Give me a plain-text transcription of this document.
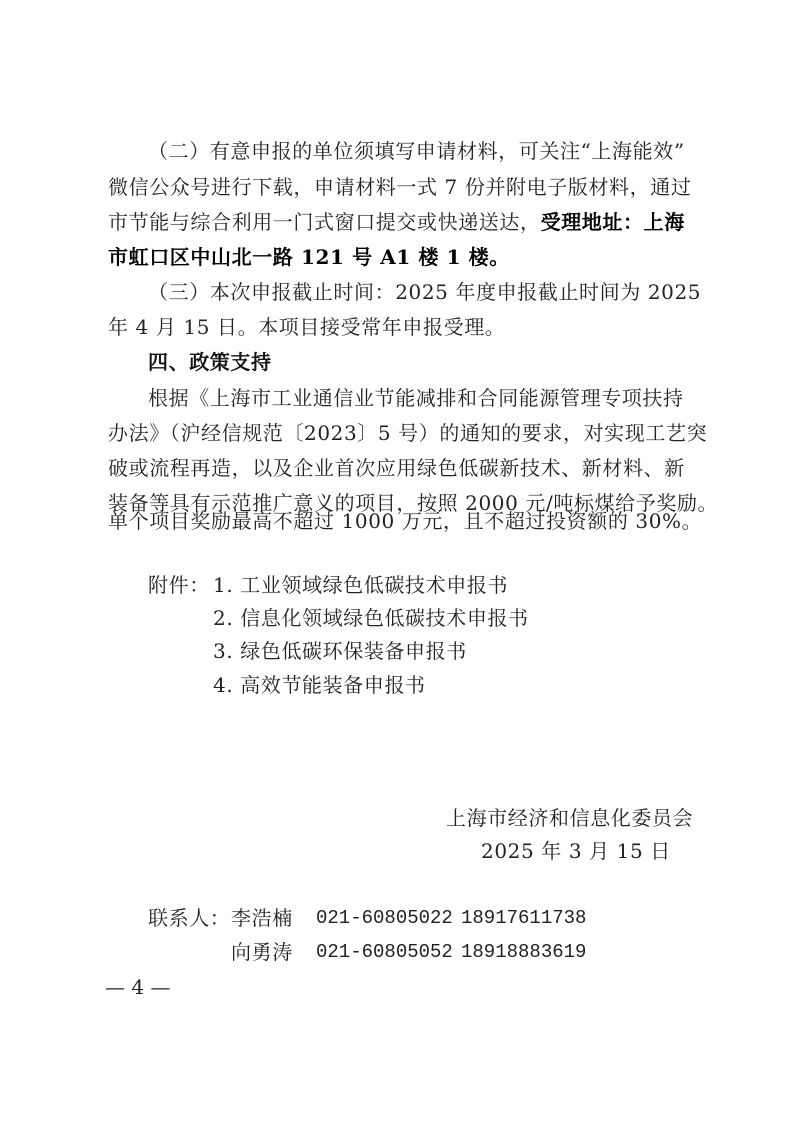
（二）有意申报的单位须填写申请材料，可关注“上海能效”
微信公众号进行下载，申请材料一式 7 份并附电子版材料，通过
市节能与综合利用一门式窗口提交或快递送达，受理地址：上海
市虹口区中山北一路 121 号 A1 楼 1 楼。
（三）本次申报截止时间：2025 年度申报截止时间为 2025
年 4 月 15 日。本项目接受常年申报受理。
四、政策支持
根据《上海市工业通信业节能减排和合同能源管理专项扶持
办法》（沪经信规范〔2023〕5 号）的通知的要求，对实现工艺突
破或流程再造，以及企业首次应用绿色低碳新技术、新材料、新
装备等具有示范推广意义的项目，按照 2000 元/吨标煤给予奖励。
单个项目奖励最高不超过 1000 万元，且不超过投资额的 30%。
附件： 1. 工业领域绿色低碳技术申报书
2. 信息化领域绿色低碳技术申报书
3. 绿色低碳环保装备申报书
4. 高效节能装备申报书
上海市经济和信息化委员会
2025 年 3 月 15 日
联系人： 李浩楠 021-60805022 18917611738
向勇涛 021-60805052 18918883619
— 4 —
